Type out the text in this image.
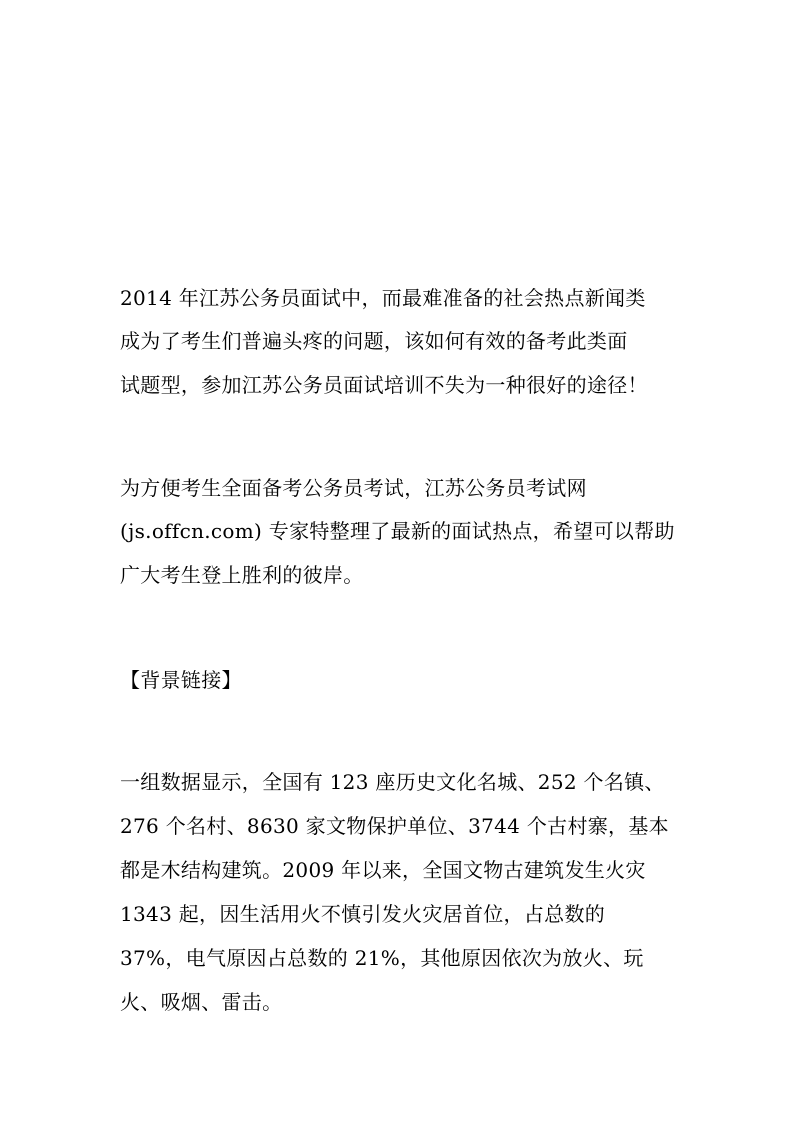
2014 年江苏公务员面试中，而最难准备的社会热点新闻类
成为了考生们普遍头疼的问题，该如何有效的备考此类面
试题型，参加江苏公务员面试培训不失为一种很好的途径！
为方便考生全面备考公务员考试，江苏公务员考试网
(js.offcn.com) 专家特整理了最新的面试热点，希望可以帮助
广大考生登上胜利的彼岸。
【背景链接】
一组数据显示，全国有 123 座历史文化名城、252 个名镇、
276 个名村、8630 家文物保护单位、3744 个古村寨，基本
都是木结构建筑。2009 年以来，全国文物古建筑发生火灾
1343 起，因生活用火不慎引发火灾居首位，占总数的
37%，电气原因占总数的 21%，其他原因依次为放火、玩
火、吸烟、雷击。
